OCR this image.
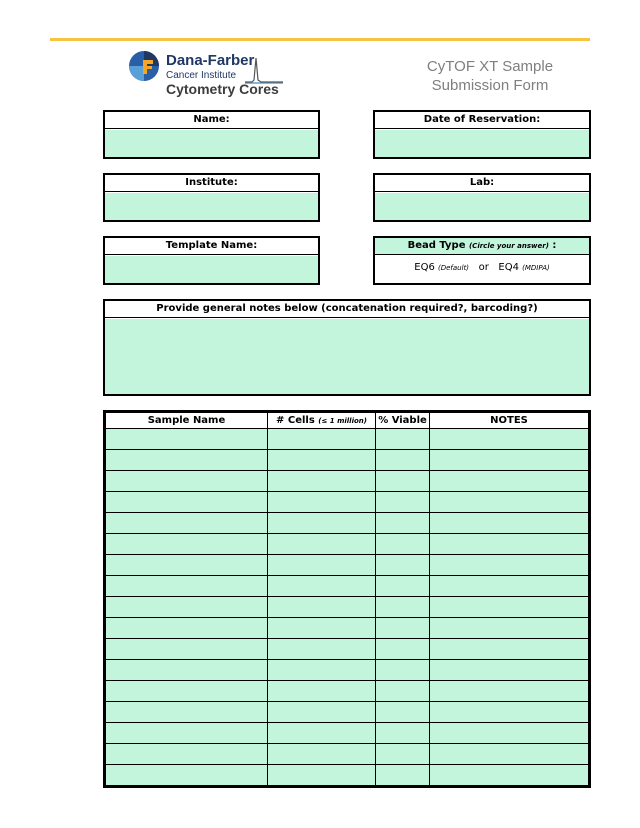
Dana-Farber
Cancer Institute
Cytometry Cores
CyTOF XT Sample
Submission Form
Name:	Date of Reservation:
Institute:	Lab:
Template Name:	Bead Type (Circle your answer) :
EQ6 (Default) or EQ4 (MDIPA)
Provide general notes below (concatenation required?, barcoding?)
Sample Name	# Cells (≤ 1 million)	% Viable	NOTES
